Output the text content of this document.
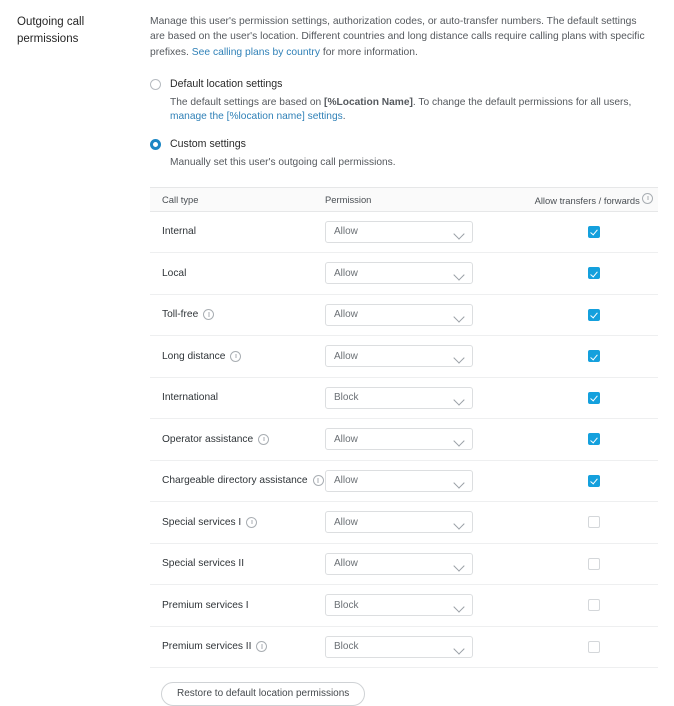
Outgoing call permissions

Manage this user's permission settings, authorization codes, or auto-transfer numbers. The default settings are based on the user's location. Different countries and long distance calls require calling plans with specific prefixes. See calling plans by country for more information.

Default location settings
The default settings are based on [%Location Name]. To change the default permissions for all users, manage the [%location name] settings.
Custom settings
Manually set this user's outgoing call permissions.
Call type	Permission	Allow transfers / forwards
Internal	Allow
Local	Allow
Toll-free	Allow
Long distance	Allow
International	Block
Operator assistance	Allow
Chargeable directory assistance	Allow
Special services I	Allow
Special services II	Allow
Premium services I	Block
Premium services II	Block
Restore to default location permissions
